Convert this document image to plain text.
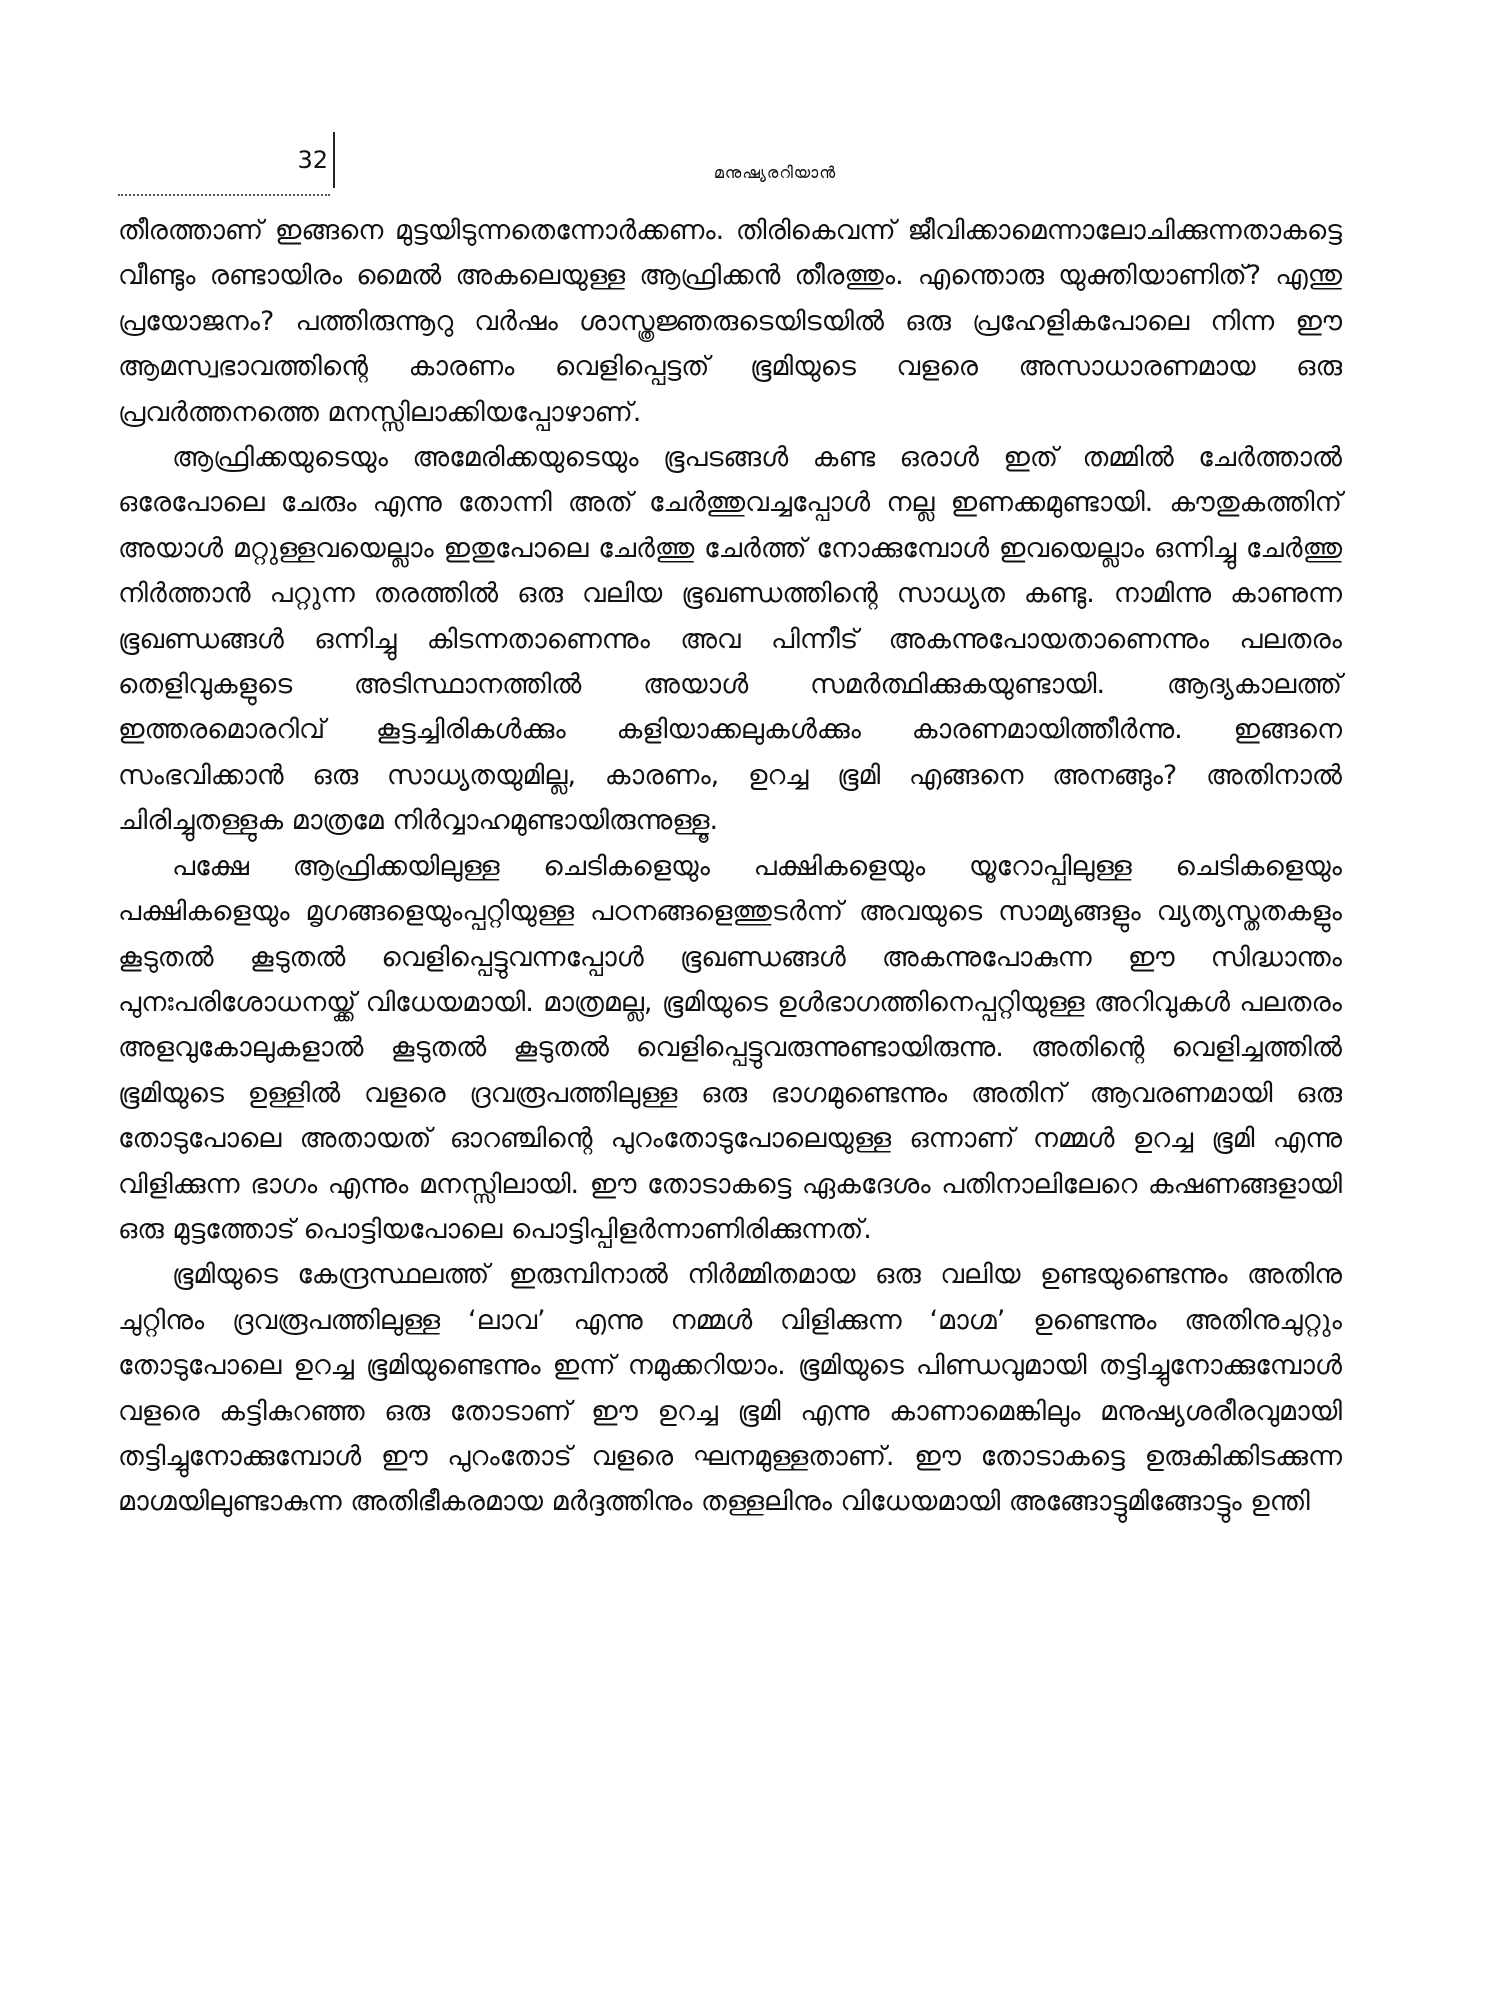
32	മനുഷ്യരറിയാൻ

തീരത്താണ് ഇങ്ങനെ മുട്ടയിടുന്നതെന്നോർക്കണം. തിരികെവന്ന് ജീവിക്കാമെന്നാലോചിക്കുന്നതാകട്ടെ വീണ്ടും രണ്ടായിരം മൈൽ അകലെയുള്ള ആഫ്രിക്കൻ തീരത്തും. എന്തൊരു യുക്തിയാണിത്? എന്തു പ്രയോജനം? പത്തിരുന്നൂറു വർഷം ശാസ്ത്രജ്ഞരുടെയിടയിൽ ഒരു പ്രഹേളികപോലെ നിന്ന ഈ ആമസ്വഭാവത്തിന്റെ കാരണം വെളിപ്പെട്ടത് ഭൂമിയുടെ വളരെ അസാധാരണമായ ഒരു പ്രവർത്തനത്തെ മനസ്സിലാക്കിയപ്പോഴാണ്.

ആഫ്രിക്കയുടെയും അമേരിക്കയുടെയും ഭൂപടങ്ങൾ കണ്ട ഒരാൾ ഇത് തമ്മിൽ ചേർത്താൽ ഒരേപോലെ ചേരും എന്നു തോന്നി അത് ചേർത്തുവച്ചപ്പോൾ നല്ല ഇണക്കമുണ്ടായി. കൗതുകത്തിന് അയാൾ മറ്റുള്ളവയെല്ലാം ഇതുപോലെ ചേർത്തു ചേർത്ത് നോക്കുമ്പോൾ ഇവയെല്ലാം ഒന്നിച്ചു ചേർത്തു നിർത്താൻ പറ്റുന്ന തരത്തിൽ ഒരു വലിയ ഭൂഖണ്ഡത്തിന്റെ സാധ്യത കണ്ടു. നാമിന്നു കാണുന്ന ഭൂഖണ്ഡങ്ങൾ ഒന്നിച്ചു കിടന്നതാണെന്നും അവ പിന്നീട് അകന്നുപോയതാണെന്നും പലതരം തെളിവുകളുടെ അടിസ്ഥാനത്തിൽ അയാൾ സമർത്ഥിക്കുകയുണ്ടായി. ആദ്യകാലത്ത് ഇത്തരമൊരറിവ് കൂട്ടച്ചിരികൾക്കും കളിയാക്കലുകൾക്കും കാരണമായിത്തീർന്നു. ഇങ്ങനെ സംഭവിക്കാൻ ഒരു സാധ്യതയുമില്ല, കാരണം, ഉറച്ച ഭൂമി എങ്ങനെ അനങ്ങും? അതിനാൽ ചിരിച്ചുതള്ളുക മാത്രമേ നിർവ്വാഹമുണ്ടായിരുന്നുള്ളൂ.

പക്ഷേ ആഫ്രിക്കയിലുള്ള ചെടികളെയും പക്ഷികളെയും യൂറോപ്പിലുള്ള ചെടികളെയും പക്ഷികളെയും മൃഗങ്ങളെയുംപ്പറ്റിയുള്ള പഠനങ്ങളെത്തുടർന്ന് അവയുടെ സാമ്യങ്ങളും വ്യത്യസ്തതകളും കൂടുതൽ കൂടുതൽ വെളിപ്പെട്ടുവന്നപ്പോൾ ഭൂഖണ്ഡങ്ങൾ അകന്നുപോകുന്ന ഈ സിദ്ധാന്തം പുനഃപരിശോധനയ്ക്ക് വിധേയമായി. മാത്രമല്ല, ഭൂമിയുടെ ഉൾഭാഗത്തിനെപ്പറ്റിയുള്ള അറിവുകൾ പലതരം അളവുകോലുകളാൽ കൂടുതൽ കൂടുതൽ വെളിപ്പെട്ടുവരുന്നുണ്ടായിരുന്നു. അതിന്റെ വെളിച്ചത്തിൽ ഭൂമിയുടെ ഉള്ളിൽ വളരെ ദ്രവരൂപത്തിലുള്ള ഒരു ഭാഗമുണ്ടെന്നും അതിന് ആവരണമായി ഒരു തോടുപോലെ അതായത് ഓറഞ്ചിന്റെ പുറംതോടുപോലെയുള്ള ഒന്നാണ് നമ്മൾ ഉറച്ച ഭൂമി എന്നു വിളിക്കുന്ന ഭാഗം എന്നും മനസ്സിലായി. ഈ തോടാകട്ടെ ഏകദേശം പതിനാലിലേറെ കഷണങ്ങളായി ഒരു മുട്ടത്തോട് പൊട്ടിയപോലെ പൊട്ടിപ്പിളർന്നാണിരിക്കുന്നത്.

ഭൂമിയുടെ കേന്ദ്രസ്ഥലത്ത് ഇരുമ്പിനാൽ നിർമ്മിതമായ ഒരു വലിയ ഉണ്ടയുണ്ടെന്നും അതിനു ചുറ്റിനും ദ്രവരൂപത്തിലുള്ള ‘ലാവ’ എന്നു നമ്മൾ വിളിക്കുന്ന ‘മാഗ്മ’ ഉണ്ടെന്നും അതിനുചുറ്റും തോടുപോലെ ഉറച്ച ഭൂമിയുണ്ടെന്നും ഇന്ന് നമുക്കറിയാം. ഭൂമിയുടെ പിണ്ഡവുമായി തട്ടിച്ചുനോക്കുമ്പോൾ വളരെ കട്ടികുറഞ്ഞ ഒരു തോടാണ് ഈ ഉറച്ച ഭൂമി എന്നു കാണാമെങ്കിലും മനുഷ്യശരീരവുമായി തട്ടിച്ചുനോക്കുമ്പോൾ ഈ പുറംതോട് വളരെ ഘനമുള്ളതാണ്. ഈ തോടാകട്ടെ ഉരുകിക്കിടക്കുന്ന മാഗ്മയിലുണ്ടാകുന്ന അതിഭീകരമായ മർദ്ദത്തിനും തള്ളലിനും വിധേയമായി അങ്ങോട്ടുമിങ്ങോട്ടും ഉന്തി
